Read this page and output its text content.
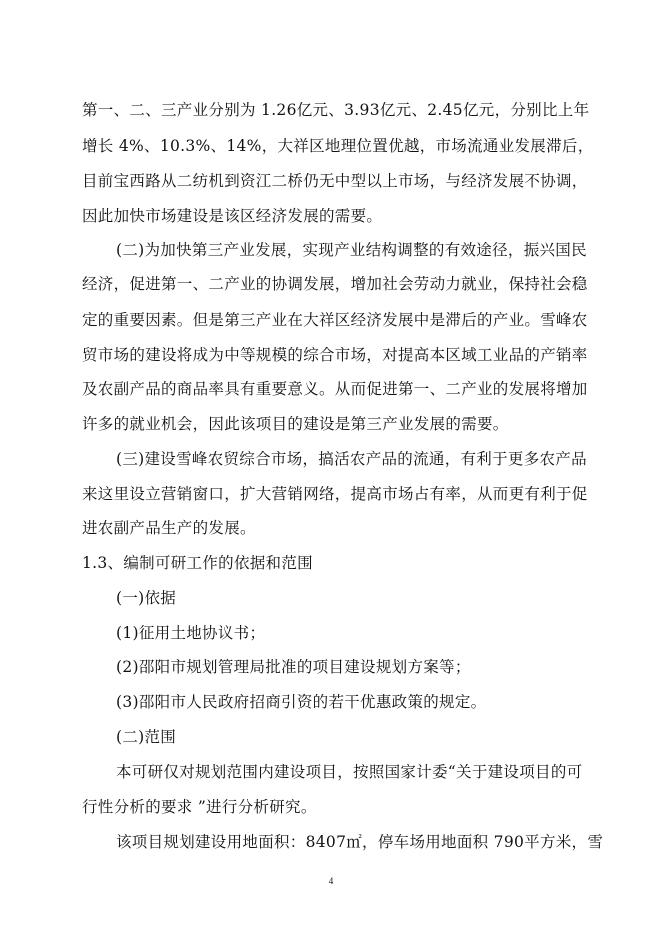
第一、二、三产业分别为 1.26亿元、3.93亿元、2.45亿元，分别比上年
增长 4%、10.3%、14%，大祥区地理位置优越，市场流通业发展滞后，
目前宝西路从二纺机到资江二桥仍无中型以上市场，与经济发展不协调，
因此加快市场建设是该区经济发展的需要。
(二)为加快第三产业发展，实现产业结构调整的有效途径，振兴国民
经济，促进第一、二产业的协调发展，增加社会劳动力就业，保持社会稳
定的重要因素。但是第三产业在大祥区经济发展中是滞后的产业。雪峰农
贸市场的建设将成为中等规模的综合市场，对提高本区域工业品的产销率
及农副产品的商品率具有重要意义。从而促进第一、二产业的发展将增加
许多的就业机会，因此该项目的建设是第三产业发展的需要。
(三)建设雪峰农贸综合市场，搞活农产品的流通，有利于更多农产品
来这里设立营销窗口，扩大营销网络，提高市场占有率，从而更有利于促
进农副产品生产的发展。
1.3、编制可研工作的依据和范围
(一)依据
(1)征用土地协议书；
(2)邵阳市规划管理局批准的项目建设规划方案等；
(3)邵阳市人民政府招商引资的若干优惠政策的规定。
(二)范围
本可研仅对规划范围内建设项目，按照国家计委“关于建设项目的可
行性分析的要求 ”进行分析研究。
该项目规划建设用地面积：8407㎡，停车场用地面积 790平方米，雪
4
